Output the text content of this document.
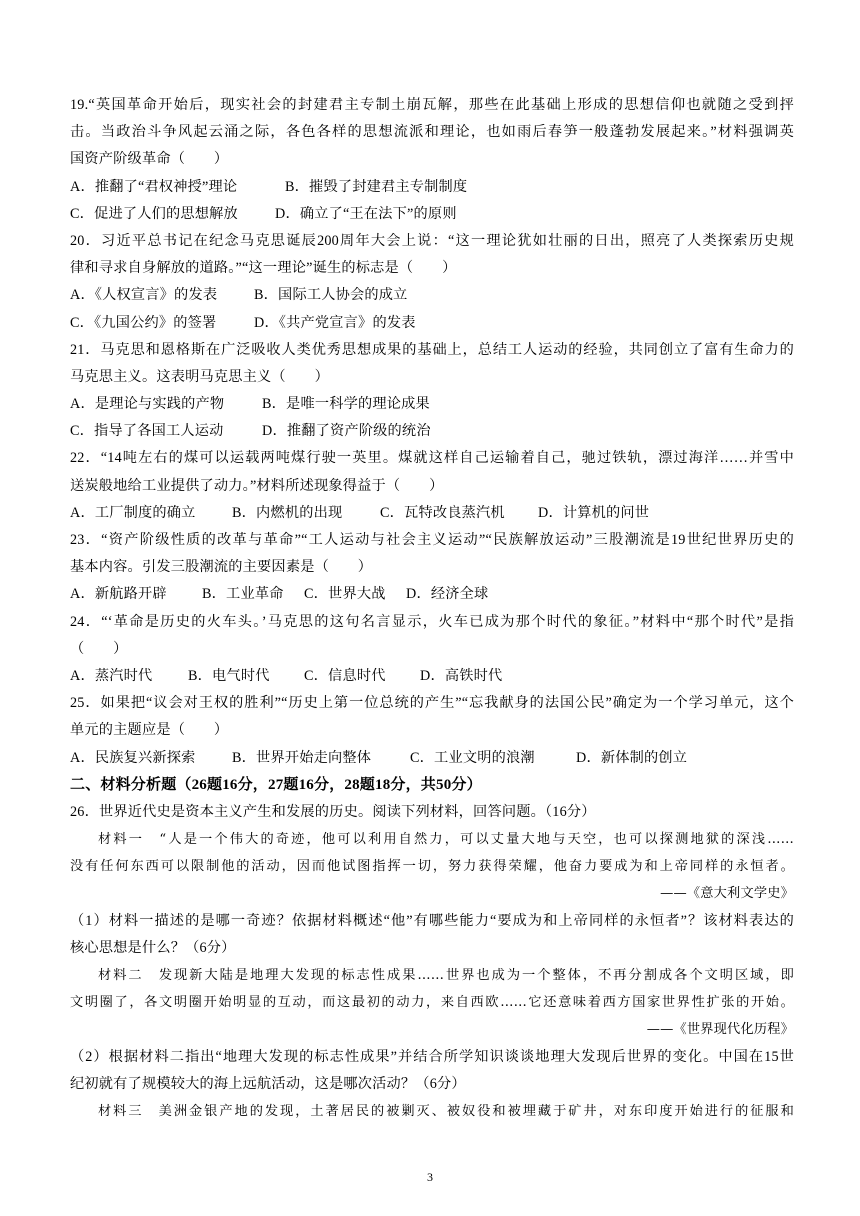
19.“英国革命开始后，现实社会的封建君主专制土崩瓦解，那些在此基础上形成的思想信仰也就随之受到抨
击。当政治斗争风起云涌之际，各色各样的思想流派和理论，也如雨后春笋一般蓬勃发展起来。”材料强调英
国资产阶级革命（　　）
A．推翻了“君权神授”理论	B．摧毁了封建君主专制制度
C．促进了人们的思想解放	D．确立了“王在法下”的原则
20．习近平总书记在纪念马克思诞辰200周年大会上说：“这一理论犹如壮丽的日出，照亮了人类探索历史规
律和寻求自身解放的道路。”“这一理论”诞生的标志是（　　）
A．《人权宣言》的发表	B．国际工人协会的成立
C．《九国公约》的签署	D．《共产党宣言》的发表
21．马克思和恩格斯在广泛吸收人类优秀思想成果的基础上，总结工人运动的经验，共同创立了富有生命力的
马克思主义。这表明马克思主义（　　）
A．是理论与实践的产物	B．是唯一科学的理论成果
C．指导了各国工人运动	D．推翻了资产阶级的统治
22．“14吨左右的煤可以运载两吨煤行驶一英里。煤就这样自己运输着自己，驰过铁轨，漂过海洋……并雪中
送炭般地给工业提供了动力。”材料所述现象得益于（　　）
A．工厂制度的确立	B．内燃机的出现	C．瓦特改良蒸汽机	D．计算机的问世
23．“资产阶级性质的改革与革命”“工人运动与社会主义运动”“民族解放运动”三股潮流是19世纪世界历史的
基本内容。引发三股潮流的主要因素是（　　）
A．新航路开辟	B．工业革命	C．世界大战	D．经济全球
24．“‘革命是历史的火车头。’马克思的这句名言显示，火车已成为那个时代的象征。”材料中“那个时代”是指
（　　）
A．蒸汽时代	B．电气时代	C．信息时代	D．高铁时代
25．如果把“议会对王权的胜利”“历史上第一位总统的产生”“忘我献身的法国公民”确定为一个学习单元，这个
单元的主题应是（　　）
A．民族复兴新探索	B．世界开始走向整体	C．工业文明的浪潮	D．新体制的创立
二、材料分析题（26题16分，27题16分，28题18分，共50分）
26．世界近代史是资本主义产生和发展的历史。阅读下列材料，回答问题。（16分）
材料一　“人是一个伟大的奇迹，他可以利用自然力，可以丈量大地与天空，也可以探测地狱的深浅……
没有任何东西可以限制他的活动，因而他试图指挥一切，努力获得荣耀，他奋力要成为和上帝同样的永恒者。
——《意大利文学史》
（1）材料一描述的是哪一奇迹？依据材料概述“他”有哪些能力“要成为和上帝同样的永恒者”？该材料表达的
核心思想是什么？（6分）
材料二　发现新大陆是地理大发现的标志性成果……世界也成为一个整体，不再分割成各个文明区域，即
文明圈了，各文明圈开始明显的互动，而这最初的动力，来自西欧……它还意味着西方国家世界性扩张的开始。
——《世界现代化历程》
（2）根据材料二指出“地理大发现的标志性成果”并结合所学知识谈谈地理大发现后世界的变化。中国在15世
纪初就有了规模较大的海上远航活动，这是哪次活动？（6分）
材料三　美洲金银产地的发现，土著居民的被剿灭、被奴役和被埋藏于矿井，对东印度开始进行的征服和
3
